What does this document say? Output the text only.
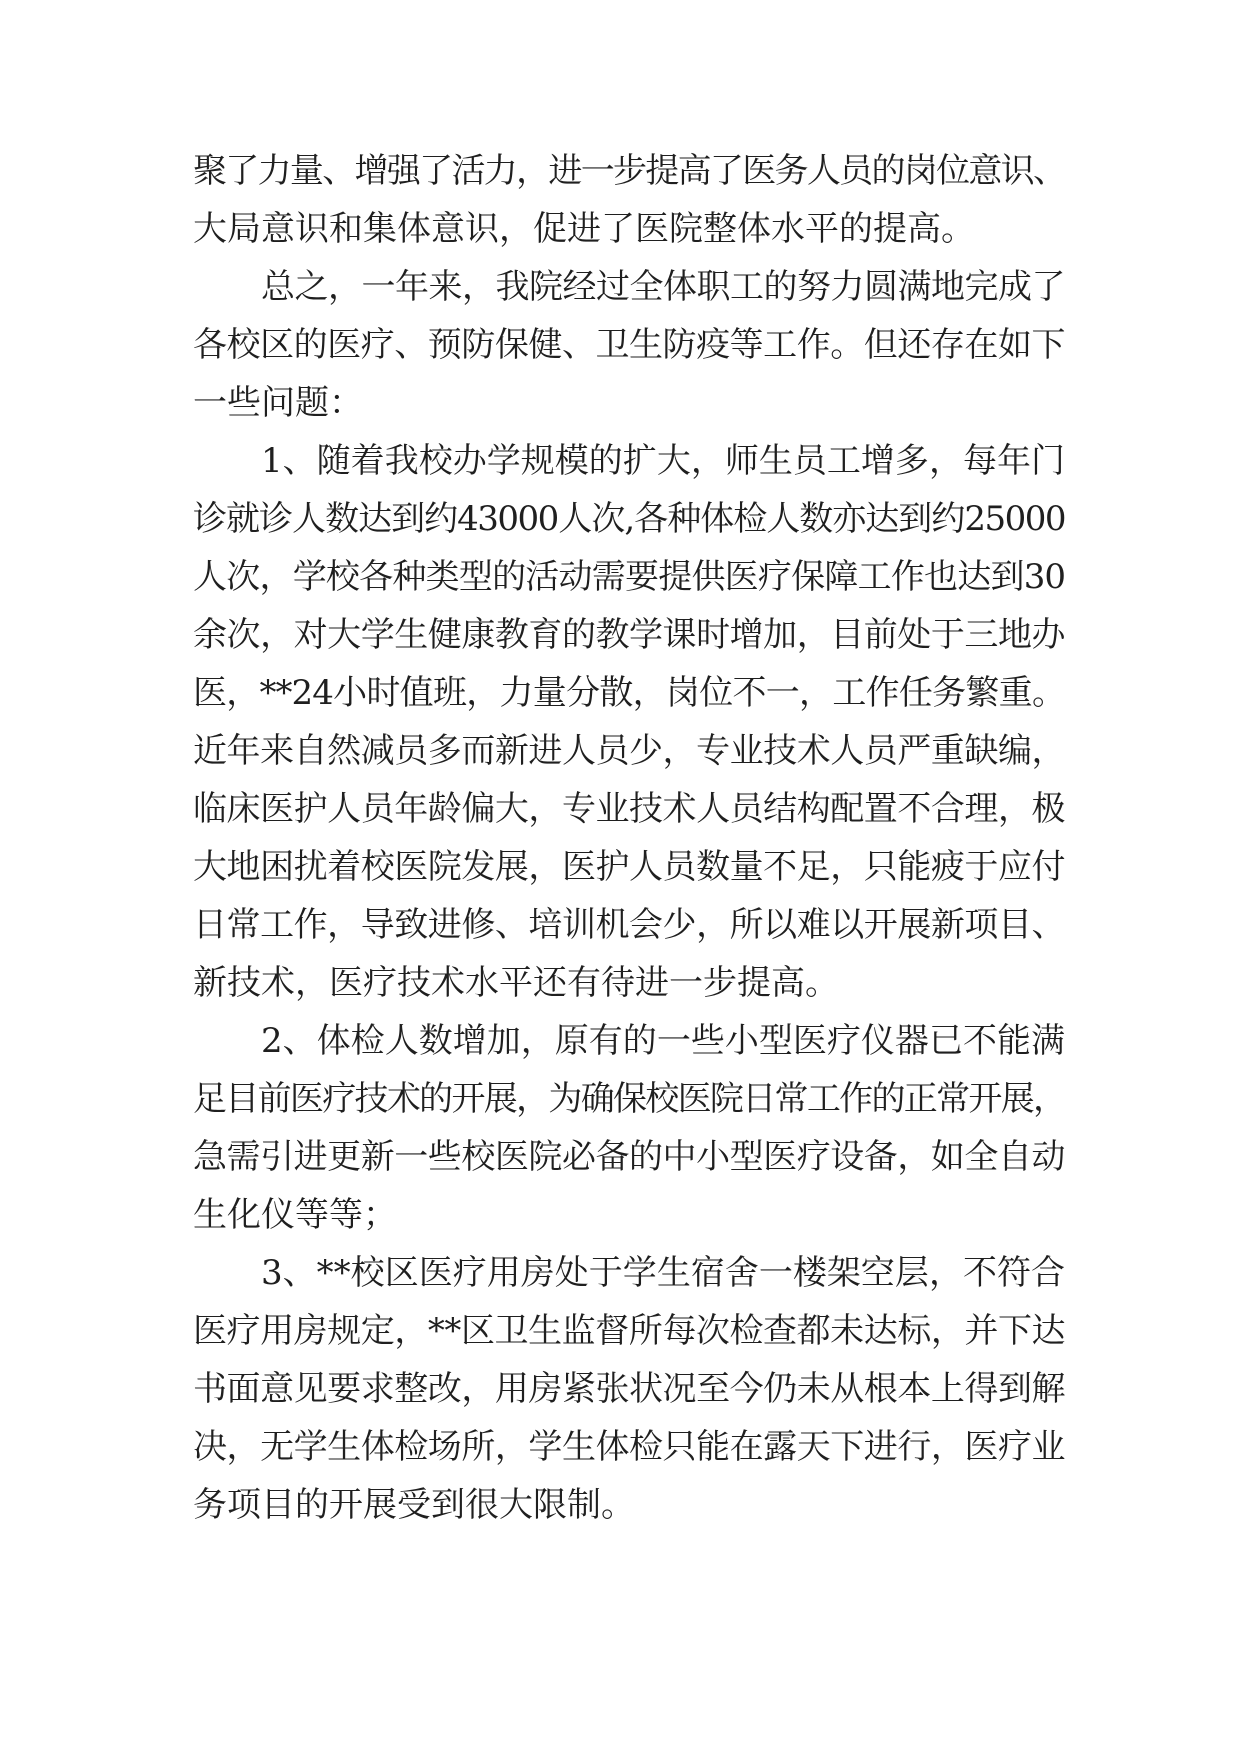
聚了力量、增强了活力，进一步提高了医务人员的岗位意识、
大局意识和集体意识，促进了医院整体水平的提高。
总之，一年来，我院经过全体职工的努力圆满地完成了
各校区的医疗、预防保健、卫生防疫等工作。但还存在如下
一些问题：
1、随着我校办学规模的扩大，师生员工增多，每年门
诊就诊人数达到约43000人次,各种体检人数亦达到约25000
人次，学校各种类型的活动需要提供医疗保障工作也达到30
余次，对大学生健康教育的教学课时增加，目前处于三地办
医，**24小时值班，力量分散，岗位不一，工作任务繁重。
近年来自然减员多而新进人员少，专业技术人员严重缺编，
临床医护人员年龄偏大，专业技术人员结构配置不合理，极
大地困扰着校医院发展，医护人员数量不足，只能疲于应付
日常工作，导致进修、培训机会少，所以难以开展新项目、
新技术，医疗技术水平还有待进一步提高。
2、体检人数增加，原有的一些小型医疗仪器已不能满
足目前医疗技术的开展，为确保校医院日常工作的正常开展，
急需引进更新一些校医院必备的中小型医疗设备，如全自动
生化仪等等；
3、**校区医疗用房处于学生宿舍一楼架空层，不符合
医疗用房规定，**区卫生监督所每次检查都未达标，并下达
书面意见要求整改，用房紧张状况至今仍未从根本上得到解
决，无学生体检场所，学生体检只能在露天下进行，医疗业
务项目的开展受到很大限制。
